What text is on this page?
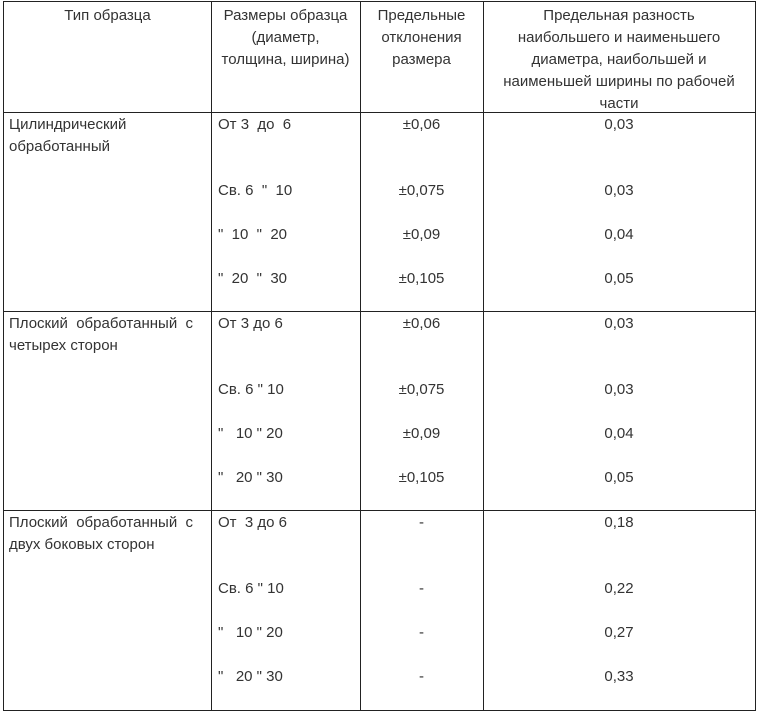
Тип образца	Размеры образца
(диаметр,
толщина, ширина)
Предельные
отклонения
размера
Предельная разность
наибольшего и наименьшего
диаметра, наибольшей и
наименьшей ширины по рабочей
части
Цилиндрический
обработанный
От 3  до  6
Св. 6  "  10
"  10  "  20
"  20  "  30
±0,06
±0,075
±0,09
±0,105
0,03
0,03
0,04
0,05
Плоский  обработанный  с
четырех сторон
От 3 до 6
Св. 6 " 10
"   10 " 20
"   20 " 30
±0,06
±0,075
±0,09
±0,105
0,03
0,03
0,04
0,05
Плоский  обработанный  с
двух боковых сторон
От  3 до 6
Св. 6 " 10
"   10 " 20
"   20 " 30
-
-
-
-
0,18
0,22
0,27
0,33
